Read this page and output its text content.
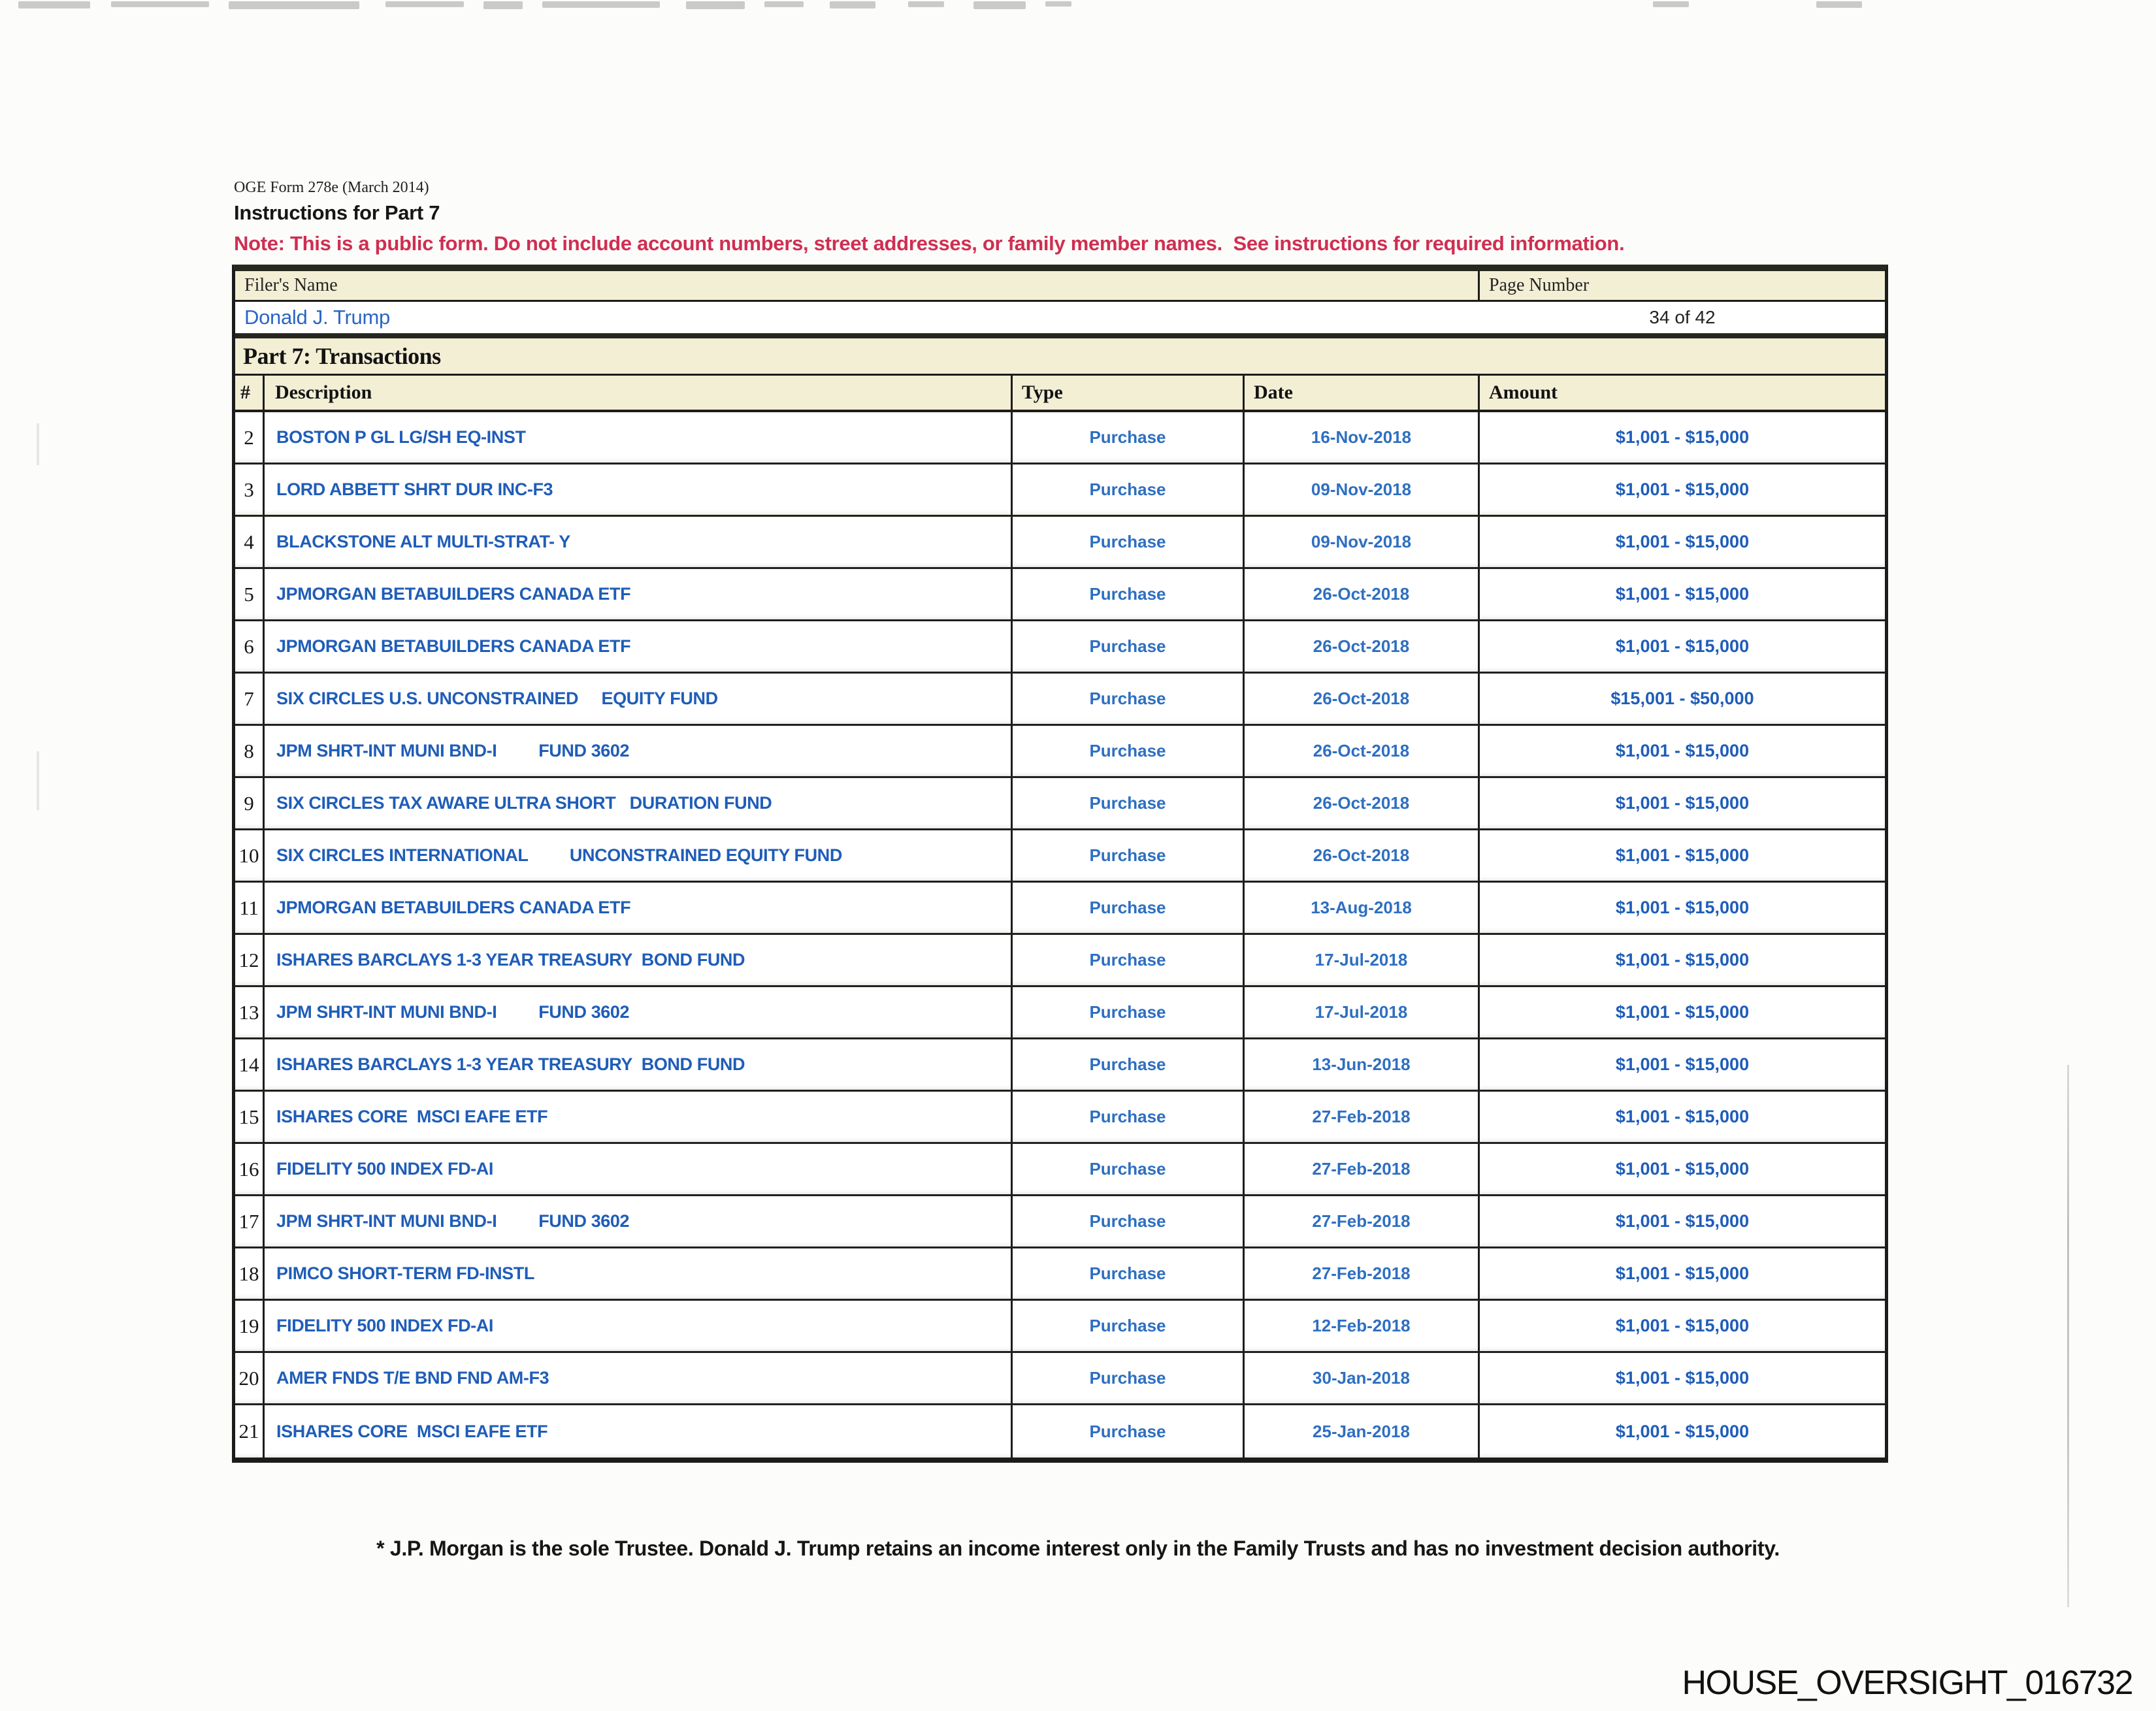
OGE Form 278e (March 2014)
Instructions for Part 7
Note: This is a public form. Do not include account numbers, street addresses, or family member names.  See instructions for required information.
Filer's Name	Page Number
Donald J. Trump	34 of 42
Part 7: Transactions
#	Description	Type	Date	Amount
2	BOSTON P GL LG/SH EQ-INST	Purchase	16-Nov-2018	$1,001 - $15,000
3	LORD ABBETT SHRT DUR INC-F3	Purchase	09-Nov-2018	$1,001 - $15,000
4	BLACKSTONE ALT MULTI-STRAT- Y	Purchase	09-Nov-2018	$1,001 - $15,000
5	JPMORGAN BETABUILDERS CANADA ETF	Purchase	26-Oct-2018	$1,001 - $15,000
6	JPMORGAN BETABUILDERS CANADA ETF	Purchase	26-Oct-2018	$1,001 - $15,000
7	SIX CIRCLES U.S. UNCONSTRAINED     EQUITY FUND	Purchase	26-Oct-2018	$15,001 - $50,000
8	JPM SHRT-INT MUNI BND-I         FUND 3602	Purchase	26-Oct-2018	$1,001 - $15,000
9	SIX CIRCLES TAX AWARE ULTRA SHORT   DURATION FUND	Purchase	26-Oct-2018	$1,001 - $15,000
10 SIX CIRCLES INTERNATIONAL         UNCONSTRAINED EQUITY FUND	Purchase	26-Oct-2018	$1,001 - $15,000
11	JPMORGAN BETABUILDERS CANADA ETF	Purchase	13-Aug-2018	$1,001 - $15,000
12 ISHARES BARCLAYS 1-3 YEAR TREASURY  BOND FUND	Purchase	17-Jul-2018	$1,001 - $15,000
13 JPM SHRT-INT MUNI BND-I         FUND 3602	Purchase	17-Jul-2018	$1,001 - $15,000
14 ISHARES BARCLAYS 1-3 YEAR TREASURY  BOND FUND	Purchase	13-Jun-2018	$1,001 - $15,000
15 ISHARES CORE  MSCI EAFE ETF	Purchase	27-Feb-2018	$1,001 - $15,000
16 FIDELITY 500 INDEX FD-AI	Purchase	27-Feb-2018	$1,001 - $15,000
17 JPM SHRT-INT MUNI BND-I         FUND 3602	Purchase	27-Feb-2018	$1,001 - $15,000
18 PIMCO SHORT-TERM FD-INSTL	Purchase	27-Feb-2018	$1,001 - $15,000
19 FIDELITY 500 INDEX FD-AI	Purchase	12-Feb-2018	$1,001 - $15,000
20 AMER FNDS T/E BND FND AM-F3	Purchase	30-Jan-2018	$1,001 - $15,000
21 ISHARES CORE  MSCI EAFE ETF	Purchase	25-Jan-2018	$1,001 - $15,000
* J.P. Morgan is the sole Trustee. Donald J. Trump retains an income interest only in the Family Trusts and has no investment decision authority.
HOUSE_OVERSIGHT_016732
